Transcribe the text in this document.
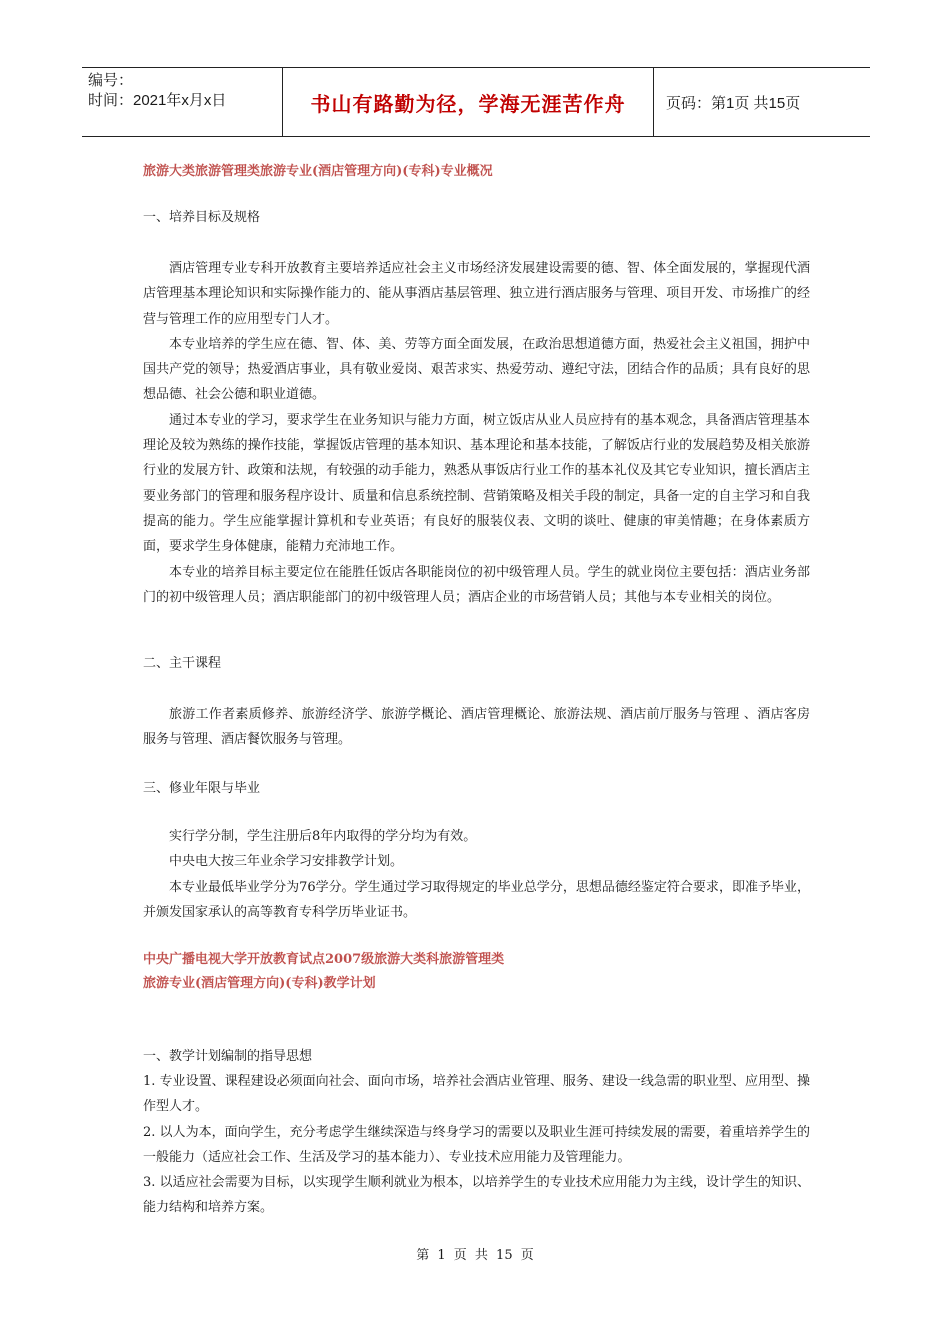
编号：
时间：2021年x月x日	书山有路勤为径，学海无涯苦作舟	页码：第1页 共15页
旅游大类旅游管理类旅游专业(酒店管理方向)(专科)专业概况
一、培养目标及规格

酒店管理专业专科开放教育主要培养适应社会主义市场经济发展建设需要的德、智、体全面发展的，掌握现代酒店管理基本理论知识和实际操作能力的、能从事酒店基层管理、独立进行酒店服务与管理、项目开发、市场推广的经营与管理工作的应用型专门人才。

本专业培养的学生应在德、智、体、美、劳等方面全面发展，在政治思想道德方面，热爱社会主义祖国，拥护中国共产党的领导；热爱酒店事业，具有敬业爱岗、艰苦求实、热爱劳动、遵纪守法，团结合作的品质；具有良好的思想品德、社会公德和职业道德。

通过本专业的学习，要求学生在业务知识与能力方面，树立饭店从业人员应持有的基本观念，具备酒店管理基本理论及较为熟练的操作技能，掌握饭店管理的基本知识、基本理论和基本技能，了解饭店行业的发展趋势及相关旅游行业的发展方针、政策和法规，有较强的动手能力，熟悉从事饭店行业工作的基本礼仪及其它专业知识，擅长酒店主要业务部门的管理和服务程序设计、质量和信息系统控制、营销策略及相关手段的制定，具备一定的自主学习和自我提高的能力。学生应能掌握计算机和专业英语；有良好的服装仪表、文明的谈吐、健康的审美情趣；在身体素质方面，要求学生身体健康，能精力充沛地工作。

本专业的培养目标主要定位在能胜任饭店各职能岗位的初中级管理人员。学生的就业岗位主要包括：酒店业务部门的初中级管理人员；酒店职能部门的初中级管理人员；酒店企业的市场营销人员；其他与本专业相关的岗位。

二、主干课程

旅游工作者素质修养、旅游经济学、旅游学概论、酒店管理概论、旅游法规、酒店前厅服务与管理 、酒店客房服务与管理、酒店餐饮服务与管理。

三、修业年限与毕业

实行学分制，学生注册后8年内取得的学分均为有效。

中央电大按三年业余学习安排教学计划。

本专业最低毕业学分为76学分。学生通过学习取得规定的毕业总学分，思想品德经鉴定符合要求，即准予毕业，并颁发国家承认的高等教育专科学历毕业证书。

中央广播电视大学开放教育试点2007级旅游大类科旅游管理类
旅游专业(酒店管理方向)(专科)教学计划
一、教学计划编制的指导思想

1. 专业设置、课程建设必须面向社会、面向市场，培养社会酒店业管理、服务、建设一线急需的职业型、应用型、操作型人才。

2. 以人为本，面向学生，充分考虑学生继续深造与终身学习的需要以及职业生涯可持续发展的需要，着重培养学生的一般能力（适应社会工作、生活及学习的基本能力）、专业技术应用能力及管理能力。

3. 以适应社会需要为目标，以实现学生顺利就业为根本，以培养学生的专业技术应用能力为主线，设计学生的知识、能力结构和培养方案。

第 1 页 共 15 页
